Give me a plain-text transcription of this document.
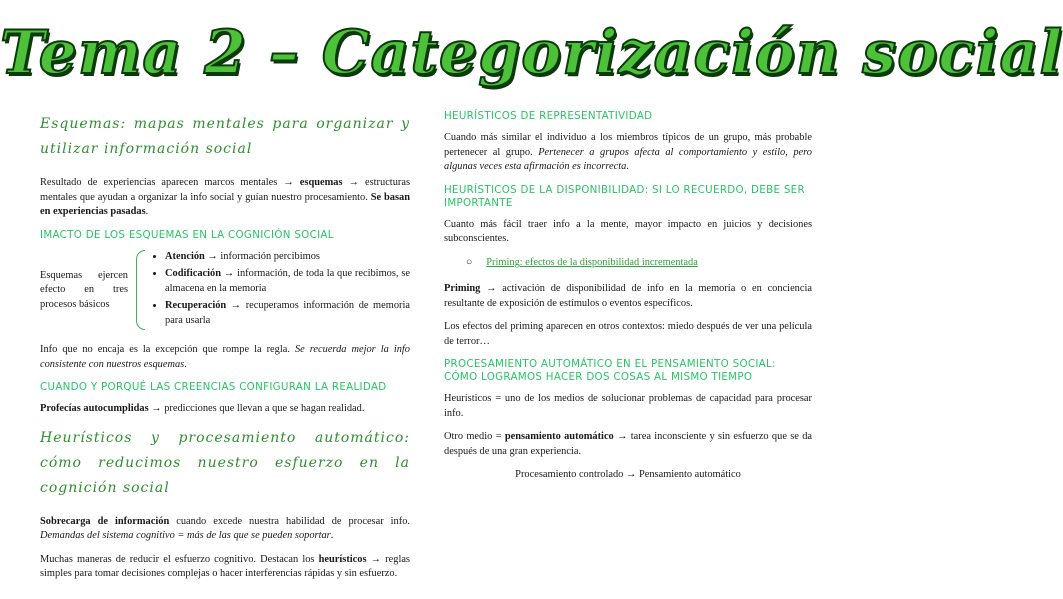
Tema 2 – Categorización social
Esquemas: mapas mentales para organizar y utilizar información social

Resultado de experiencias aparecen marcos mentales → esquemas → estructuras mentales que ayudan a organizar la info social y guían nuestro procesamiento. Se basan en experiencias pasadas.

IMACTO DE LOS ESQUEMAS EN LA COGNICIÓN SOCIAL
Esquemas ejercen efecto en tres procesos básicos
• Atención → información percibimos
• Codificación → información, de toda la que recibimos, se almacena en la memoria
• Recuperación → recuperamos información de memoria para usarla

Info que no encaja es la excepción que rompe la regla. Se recuerda mejor la info consistente con nuestros esquemas.

CUANDO Y PORQUÉ LAS CREENCIAS CONFIGURAN LA REALIDAD

Profecías autocumplidas → predicciones que llevan a que se hagan realidad.

Heurísticos y procesamiento automático: cómo reducimos nuestro esfuerzo en la cognición social

Sobrecarga de información cuando excede nuestra habilidad de procesar info. Demandas del sistema cognitivo = más de las que se pueden soportar.

Muchas maneras de reducir el esfuerzo cognitivo. Destacan los heurísticos → reglas simples para tomar decisiones complejas o hacer interferencias rápidas y sin esfuerzo.

HEURÍSTICOS DE REPRESENTATIVIDAD

Cuando más similar el individuo a los miembros típicos de un grupo, más probable pertenecer al grupo. Pertenecer a grupos afecta al comportamiento y estilo, pero algunas veces esta afirmación es incorrecta.

HEURÍSTICOS DE LA DISPONIBILIDAD: SI LO RECUERDO, DEBE SER IMPORTANTE

Cuanto más fácil traer info a la mente, mayor impacto en juicios y decisiones subconscientes.

○ Priming: efectos de la disponibilidad incrementada

Priming → activación de disponibilidad de info en la memoria o en conciencia resultante de exposición de estímulos o eventos específicos.

Los efectos del priming aparecen en otros contextos: miedo después de ver una película de terror…

PROCESAMIENTO AUTOMÁTICO EN EL PENSAMIENTO SOCIAL: CÓMO LOGRAMOS HACER DOS COSAS AL MISMO TIEMPO

Heurísticos = uno de los medios de solucionar problemas de capacidad para procesar info.

Otro medio = pensamiento automático → tarea inconsciente y sin esfuerzo que se da después de una gran experiencia.

Procesamiento controlado → Pensamiento automático
